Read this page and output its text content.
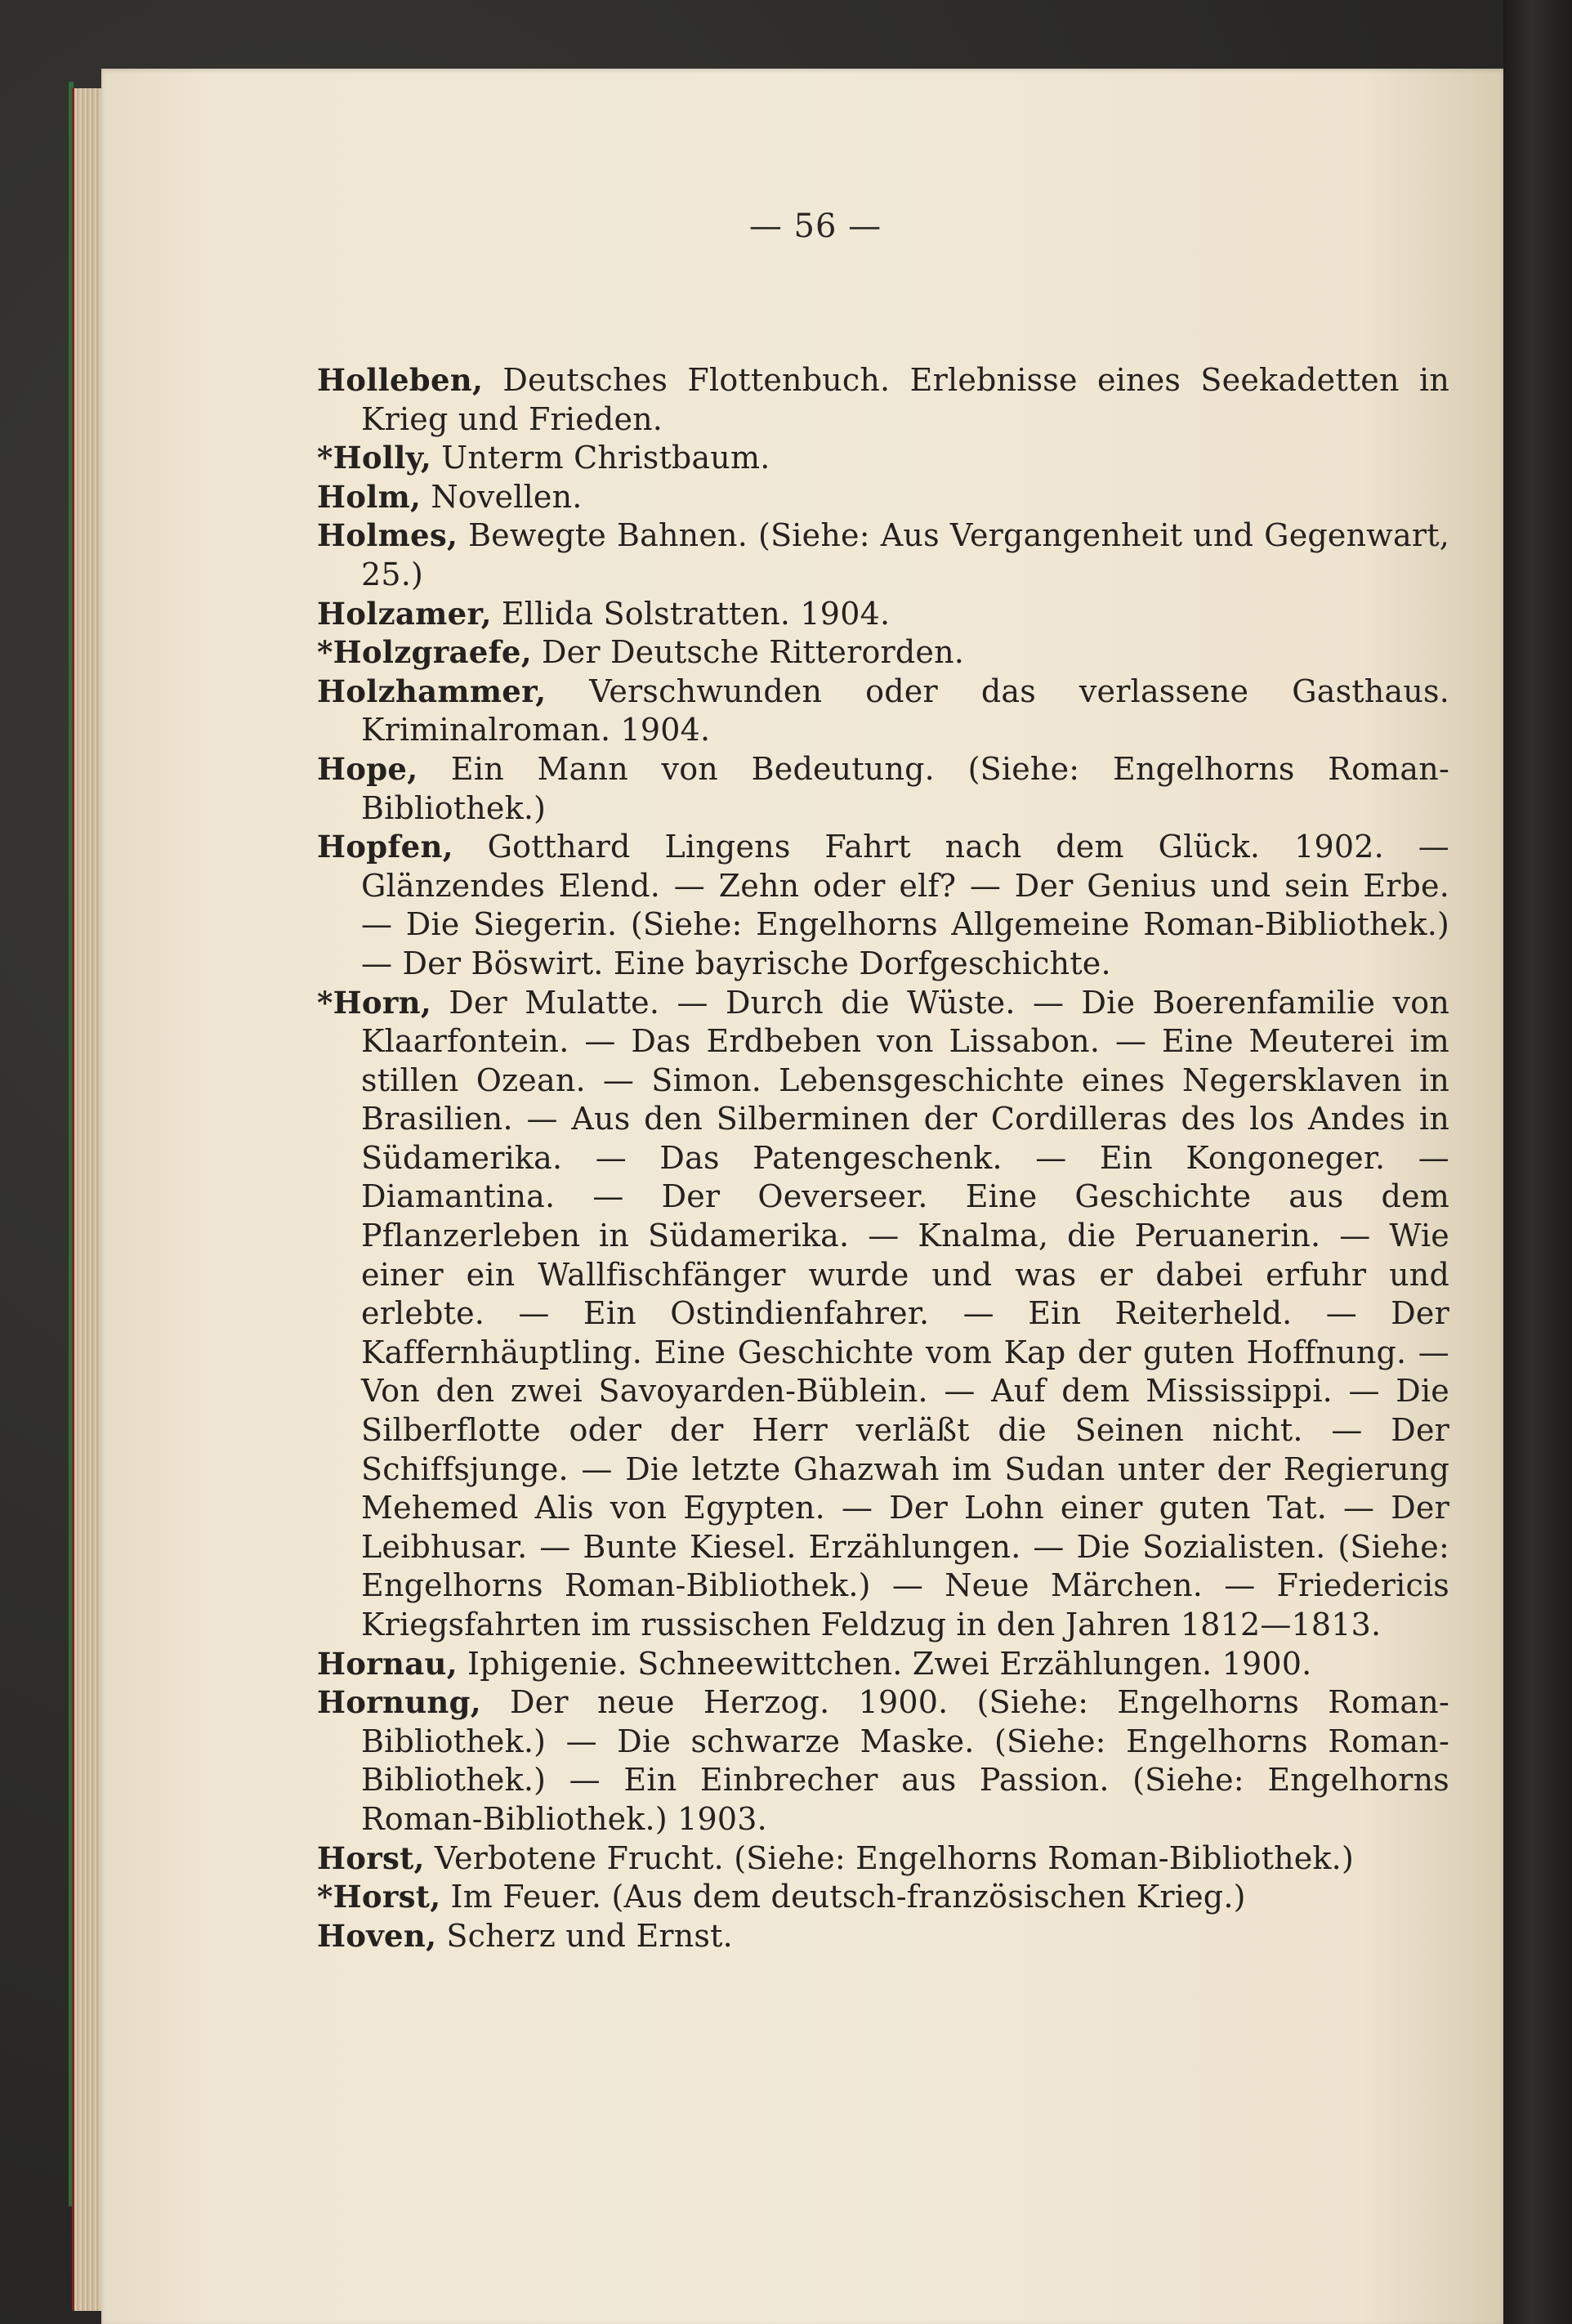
— 56 —
Holleben, Deutsches Flottenbuch. Erlebnisse eines Seekadetten in Krieg und Frieden.
*Holly, Unterm Christbaum.
Holm, Novellen.
Holmes, Bewegte Bahnen. (Siehe: Aus Vergangenheit und Gegenwart, 25.)
Holzamer, Ellida Solstratten. 1904.
*Holzgraefe, Der Deutsche Ritterorden.
Holzhammer, Verschwunden oder das verlassene Gasthaus. Kriminalroman. 1904.
Hope, Ein Mann von Bedeutung. (Siehe: Engelhorns Roman-Bibliothek.)
Hopfen, Gotthard Lingens Fahrt nach dem Glück. 1902. — Glänzendes Elend. — Zehn oder elf? — Der Genius und sein Erbe. — Die Siegerin. (Siehe: Engelhorns Allgemeine Roman-Bibliothek.) — Der Böswirt. Eine bayrische Dorfgeschichte.
*Horn, Der Mulatte. — Durch die Wüste. — Die Boerenfamilie von Klaarfontein. — Das Erdbeben von Lissabon. — Eine Meuterei im stillen Ozean. — Simon. Lebensgeschichte eines Negersklaven in Brasilien. — Aus den Silberminen der Cordilleras des los Andes in Südamerika. — Das Patengeschenk. — Ein Kongoneger. — Diamantina. — Der Oeverseer. Eine Geschichte aus dem Pflanzerleben in Südamerika. — Knalma, die Peruanerin. — Wie einer ein Wallfischfänger wurde und was er dabei erfuhr und erlebte. — Ein Ostindienfahrer. — Ein Reiterheld. — Der Kaffernhäuptling. Eine Geschichte vom Kap der guten Hoffnung. — Von den zwei Savoyarden-Büblein. — Auf dem Mississippi. — Die Silberflotte oder der Herr verläßt die Seinen nicht. — Der Schiffsjunge. — Die letzte Ghazwah im Sudan unter der Regierung Mehemed Alis von Egypten. — Der Lohn einer guten Tat. — Der Leibhusar. — Bunte Kiesel. Erzählungen. — Die Sozialisten. (Siehe: Engelhorns Roman-Bibliothek.) — Neue Märchen. — Friedericis Kriegsfahrten im russischen Feldzug in den Jahren 1812—1813.
Hornau, Iphigenie. Schneewittchen. Zwei Erzählungen. 1900.
Hornung, Der neue Herzog. 1900. (Siehe: Engelhorns Roman-Bibliothek.) — Die schwarze Maske. (Siehe: Engelhorns Roman-Bibliothek.) — Ein Einbrecher aus Passion. (Siehe: Engelhorns Roman-Bibliothek.) 1903.
Horst, Verbotene Frucht. (Siehe: Engelhorns Roman-Bibliothek.)
*Horst, Im Feuer. (Aus dem deutsch-französischen Krieg.)
Hoven, Scherz und Ernst.
